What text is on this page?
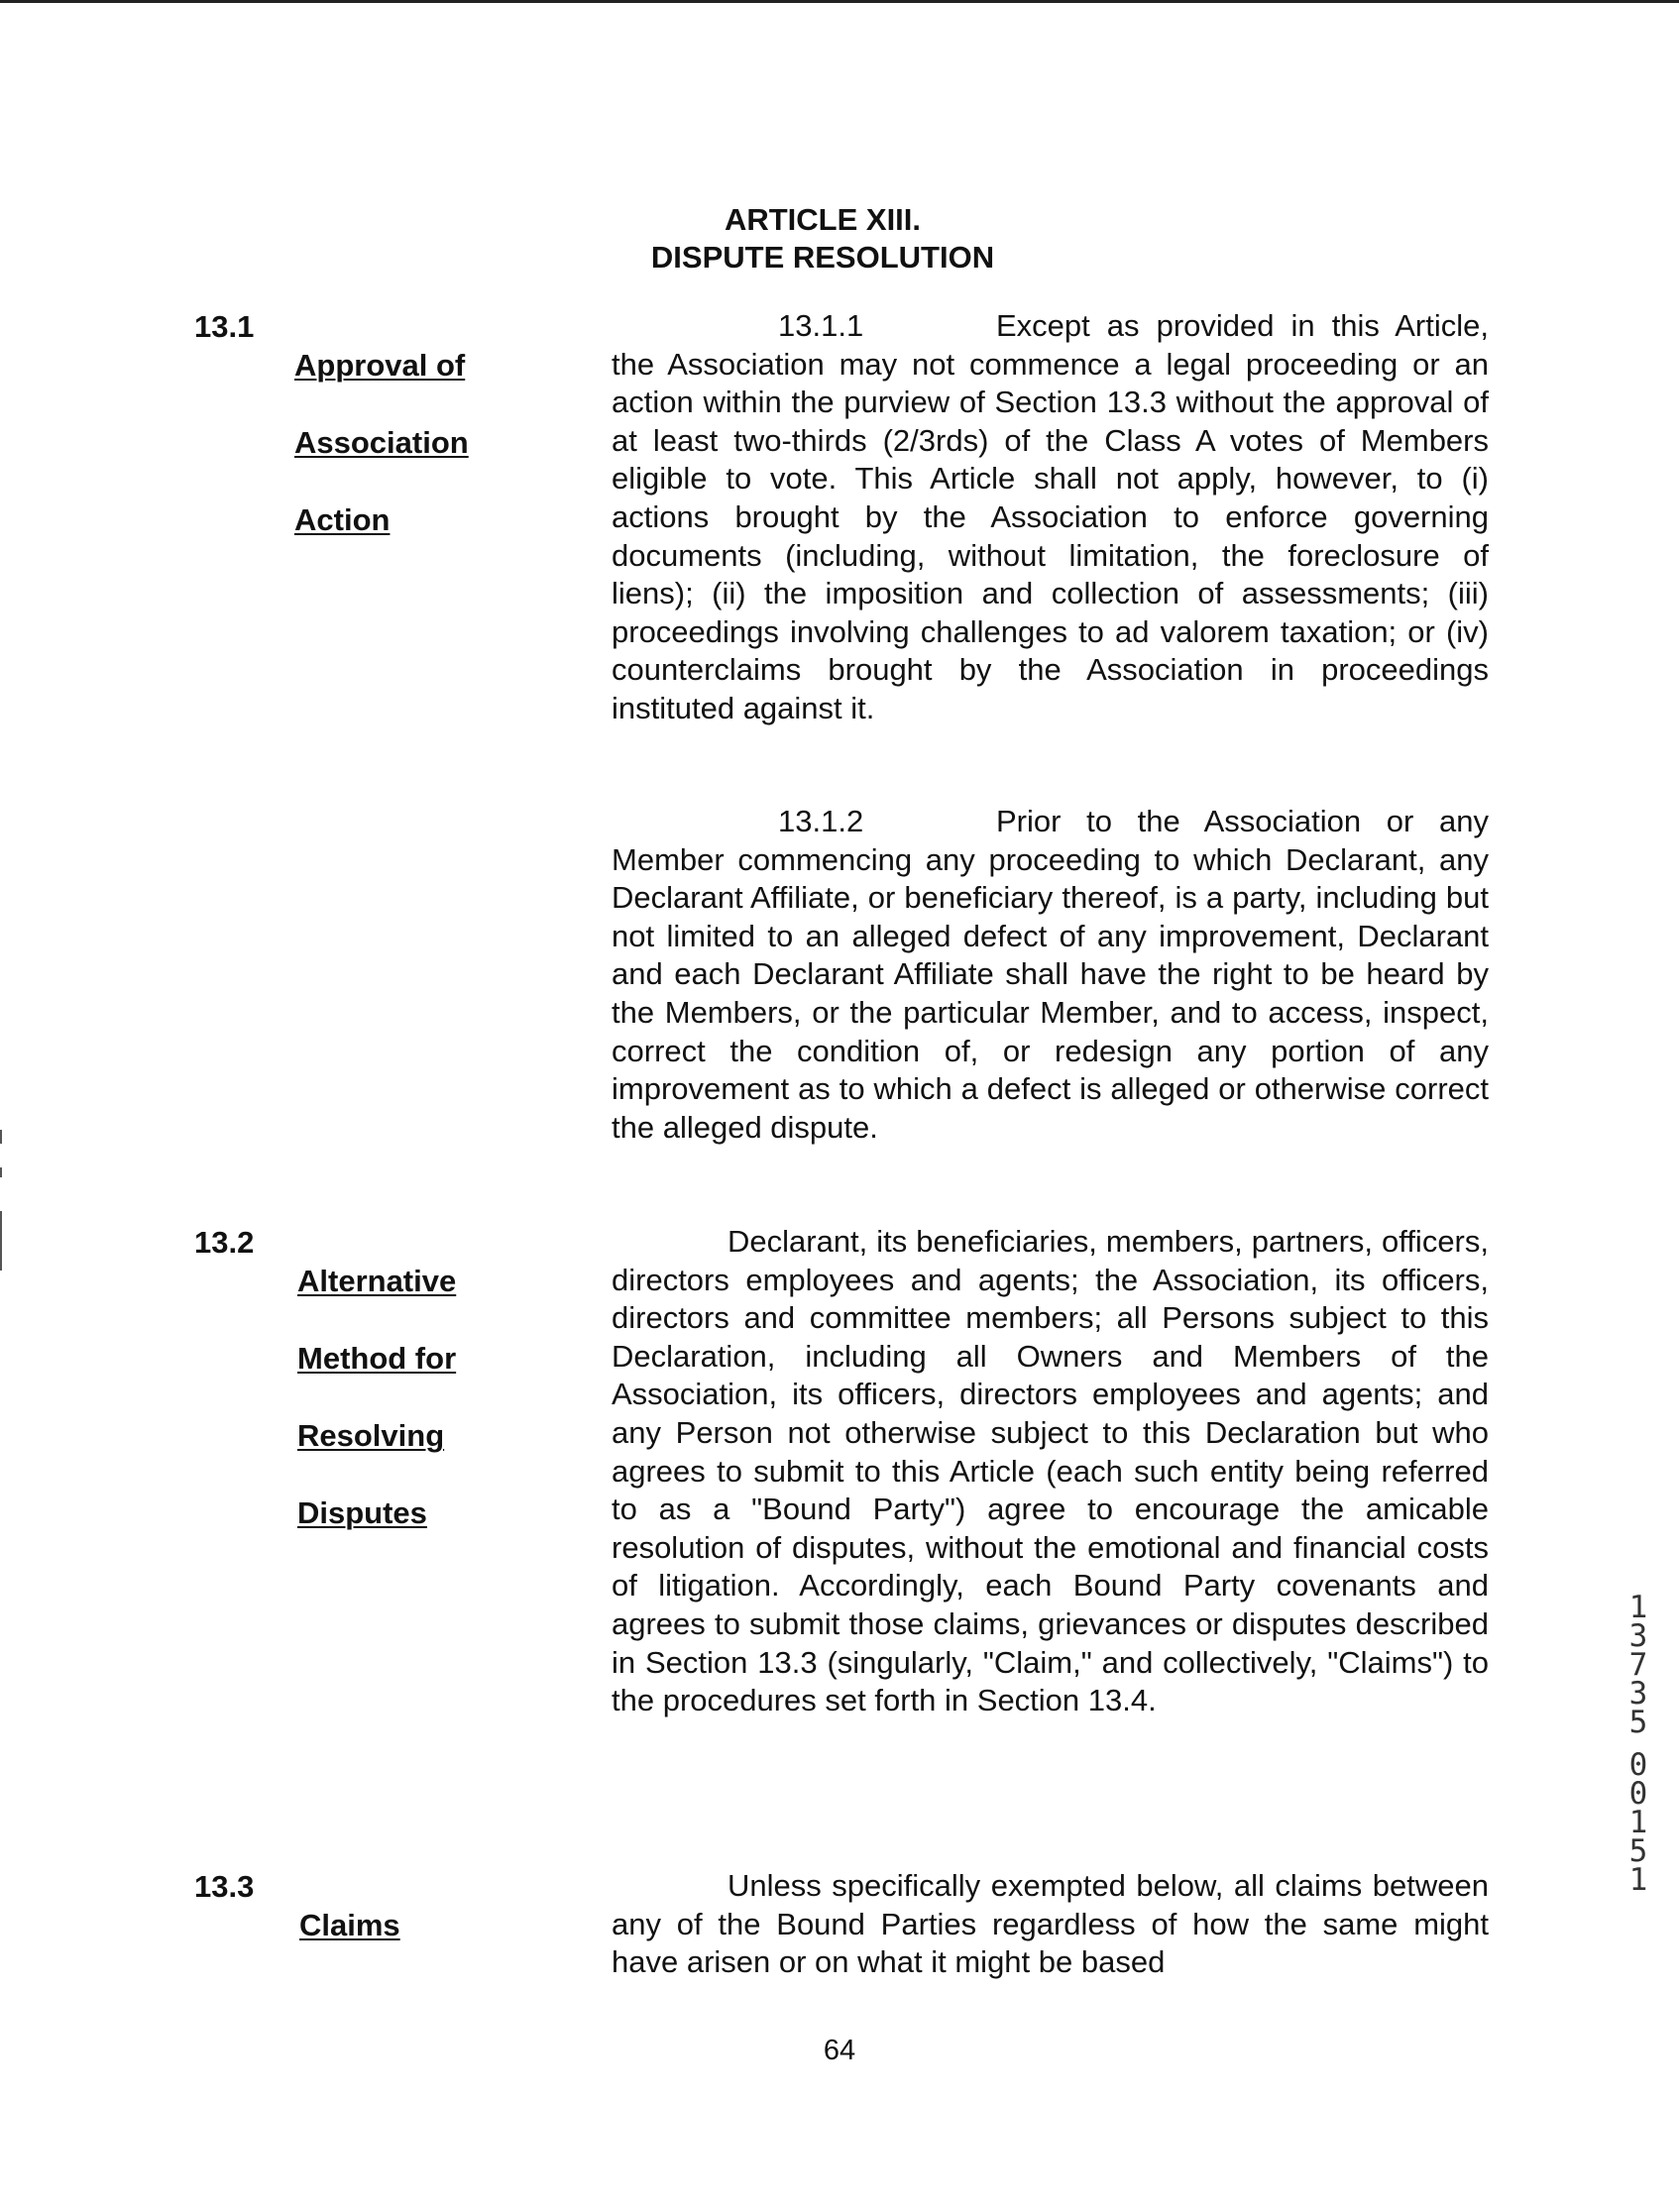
ARTICLE XIII.
DISPUTE RESOLUTION
13.1

Approval of

Association

Action

13.1.1	Except as provided in this Article, the Association may not commence a legal proceeding or an action within the purview of Section 13.3 without the approval of at least two-thirds (2/3rds) of the Class A votes of Members eligible to vote. This Article shall not apply, however, to (i) actions brought by the Association to enforce governing documents (including, without limitation, the foreclosure of liens); (ii) the imposition and collection of assessments; (iii) proceedings involving challenges to ad valorem taxation; or (iv) counterclaims brought by the Association in proceedings instituted against it.
13.1.2	Prior to the Association or any Member commencing any proceeding to which Declarant, any Declarant Affiliate, or beneficiary thereof, is a party, including but not limited to an alleged defect of any improvement, Declarant and each Declarant Affiliate shall have the right to be heard by the Members, or the particular Member, and to access, inspect, correct the condition of, or redesign any portion of any improvement as to which a defect is alleged or otherwise correct the alleged dispute.
13.2

Alternative

Method for

Resolving

Disputes

Declarant, its beneficiaries, members, partners, officers, directors employees and agents; the Association, its officers, directors and committee members; all Persons subject to this Declaration, including all Owners and Members of the Association, its officers, directors employees and agents; and any Person not otherwise subject to this Declaration but who agrees to submit to this Article (each such entity being referred to as a "Bound Party") agree to encourage the amicable resolution of disputes, without the emotional and financial costs of litigation. Accordingly, each Bound Party covenants and agrees to submit those claims, grievances or disputes described in Section 13.3 (singularly, "Claim," and collectively, "Claims") to the procedures set forth in Section 13.4.
13.3

Claims

Unless specifically exempted below, all claims between any of the Bound Parties regardless of how the same might have arisen or on what it might be based
64
1
3
7
3
5
0
0
1
5
1
